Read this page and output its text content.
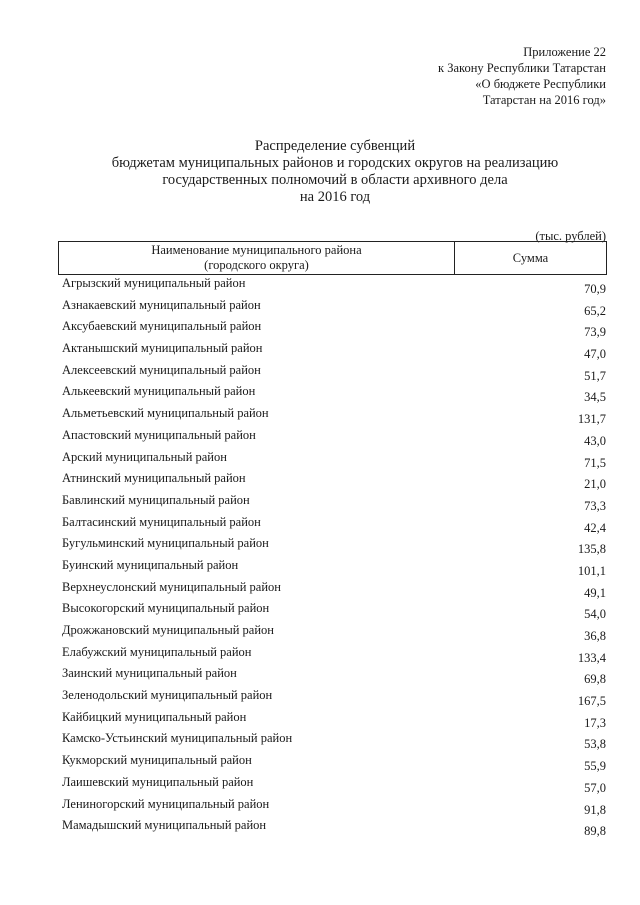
Приложение 22
к Закону Республики Татарстан
«О бюджете Республики
Татарстан на 2016 год»
Распределение субвенций
бюджетам муниципальных районов и городских округов на реализацию
государственных полномочий в области архивного дела
на 2016 год
(тыс. рублей)
Наименование муниципального района
(городского округа)
	Сумма
Агрызский муниципальный район	70,9
Азнакаевский муниципальный район	65,2
Аксубаевский муниципальный район	73,9
Актанышский муниципальный район	47,0
Алексеевский муниципальный район	51,7
Алькеевский муниципальный район	34,5
Альметьевский муниципальный район	131,7
Апастовский муниципальный район	43,0
Арский муниципальный район	71,5
Атнинский муниципальный район	21,0
Бавлинский муниципальный район	73,3
Балтасинский муниципальный район	42,4
Бугульминский муниципальный район	135,8
Буинский муниципальный район	101,1
Верхнеуслонский муниципальный район	49,1
Высокогорский муниципальный район	54,0
Дрожжановский муниципальный район	36,8
Елабужский муниципальный район	133,4
Заинский муниципальный район	69,8
Зеленодольский муниципальный район	167,5
Кайбицкий муниципальный район	17,3
Камско-Устьинский муниципальный район	53,8
Кукморский муниципальный район	55,9
Лаишевский муниципальный район	57,0
Лениногорский муниципальный район	91,8
Мамадышский муниципальный район	89,8
